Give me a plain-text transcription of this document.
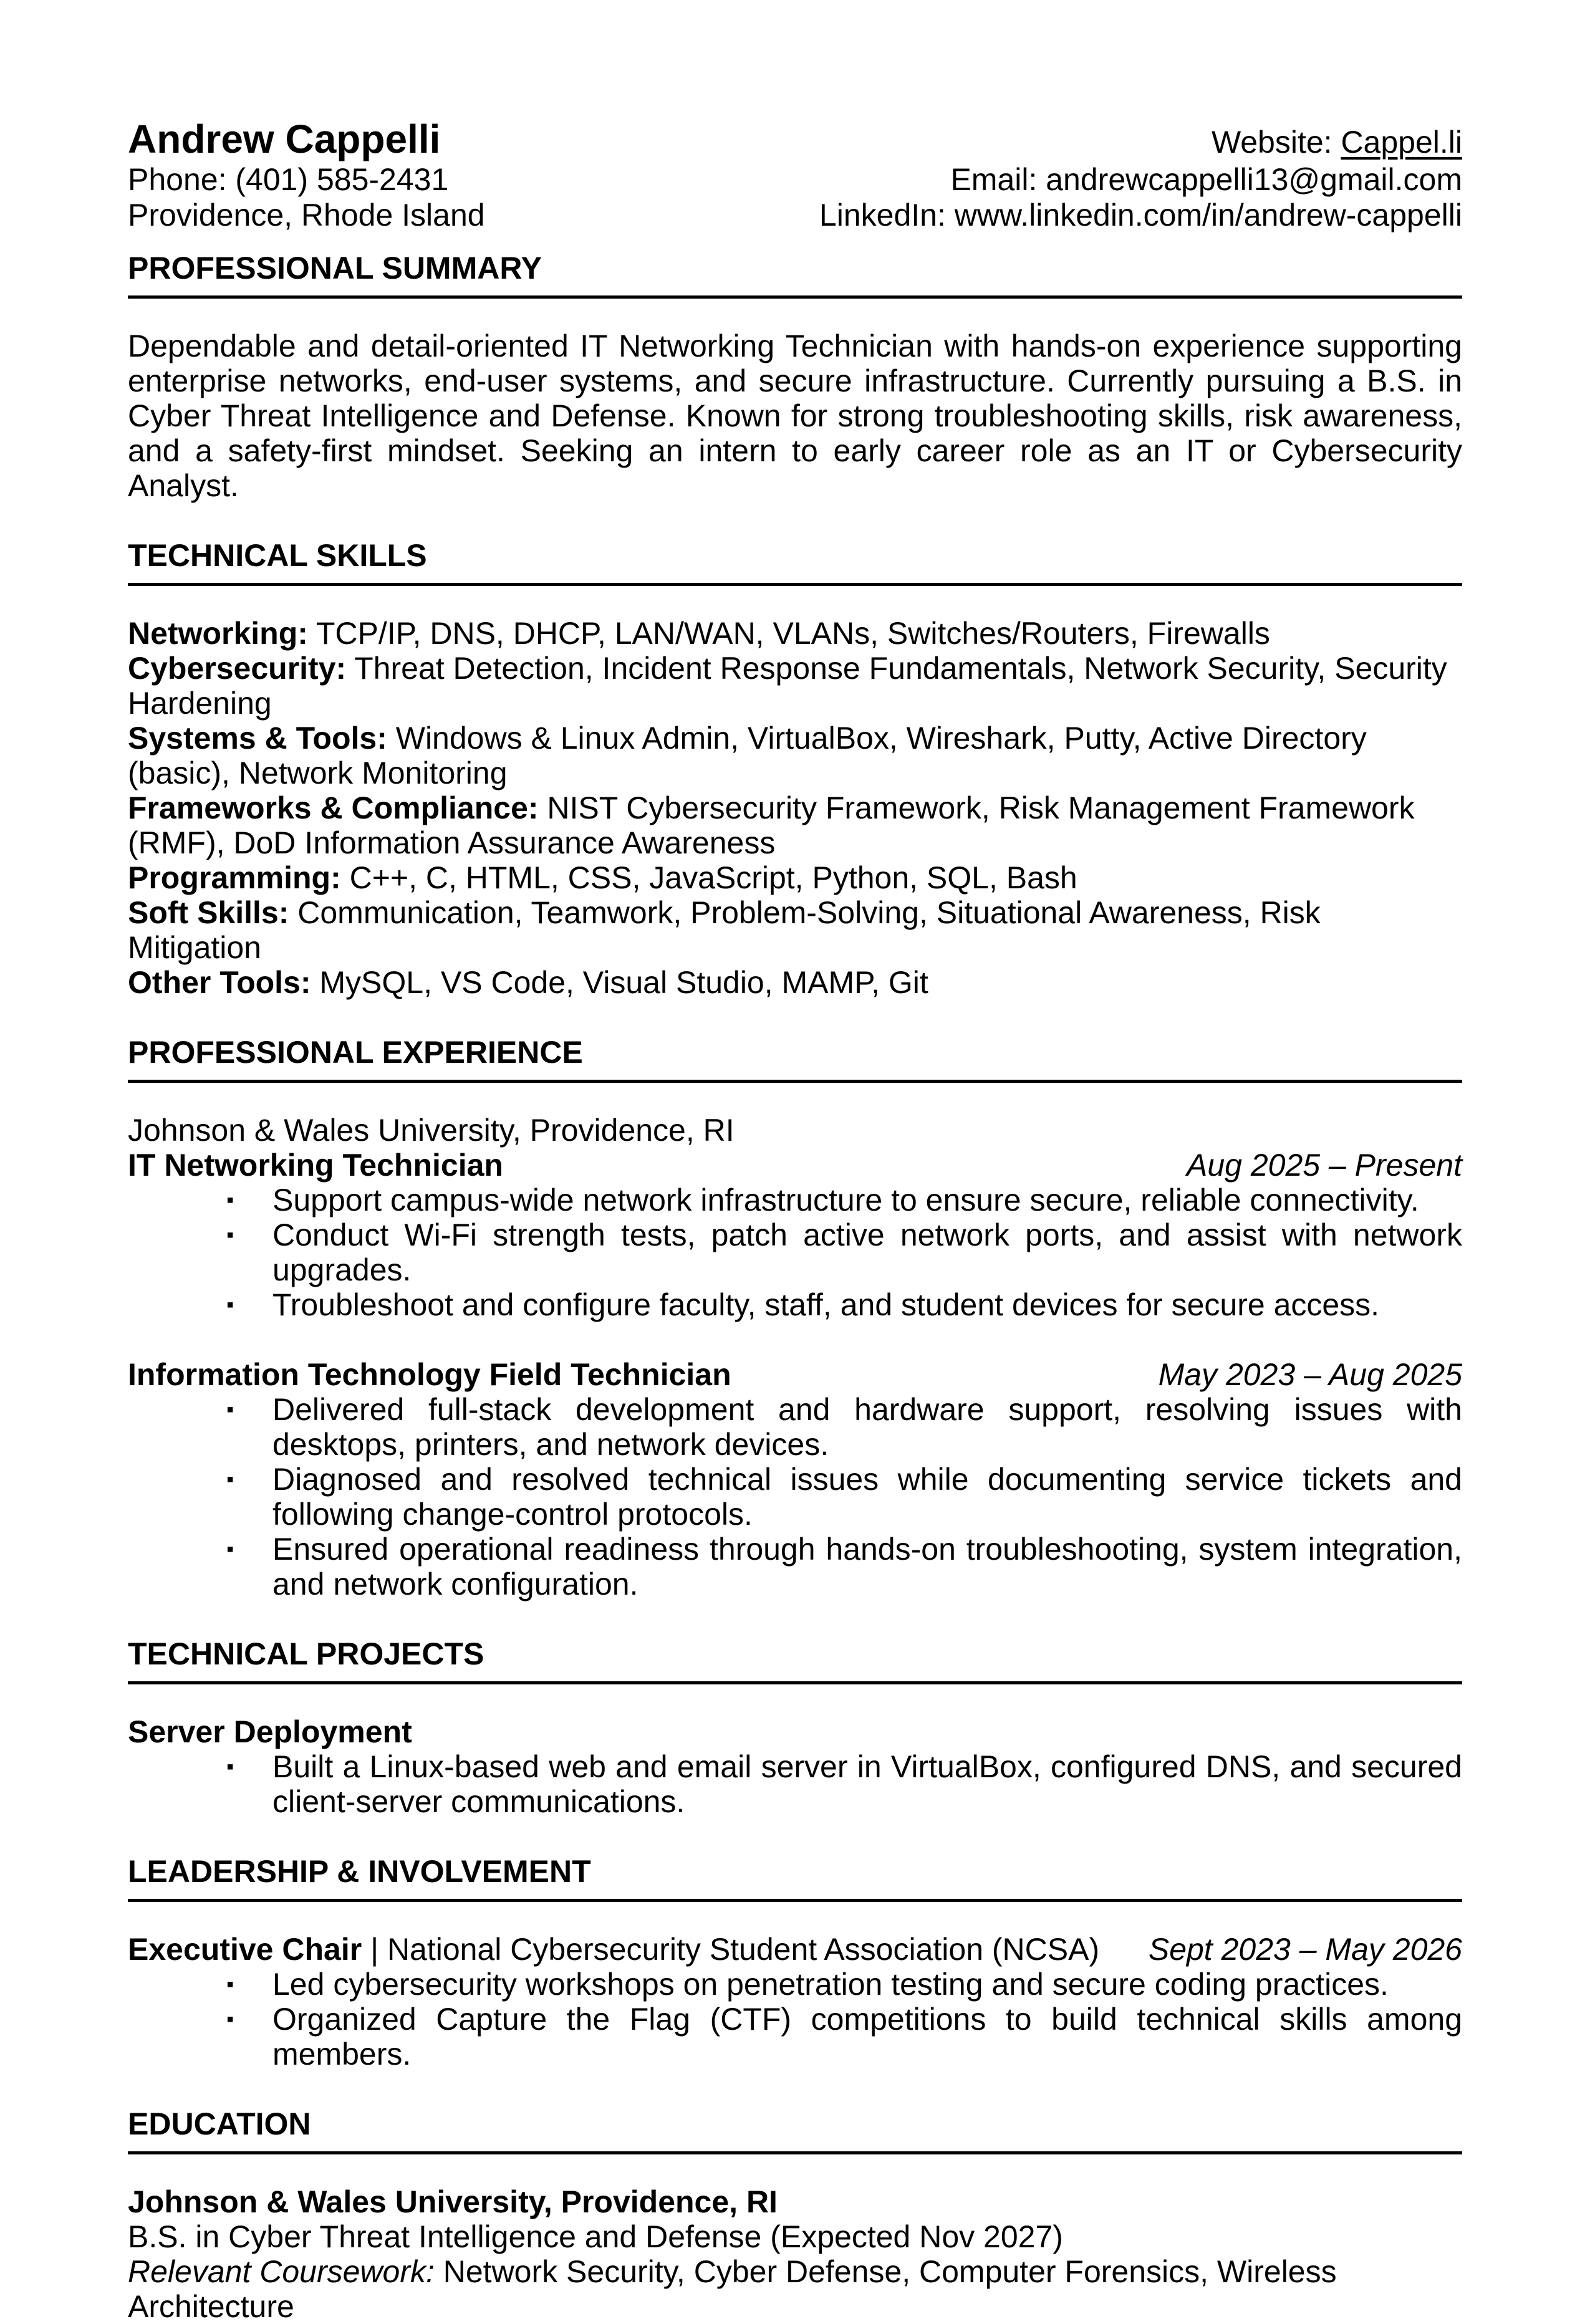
Andrew Cappelli	Website: Cappel.li
Phone: (401) 585-2431	Email: andrewcappelli13@gmail.com
Providence, Rhode Island	LinkedIn: www.linkedin.com/in/andrew-cappelli
PROFESSIONAL SUMMARY

Dependable and detail-oriented IT Networking Technician with hands-on experience supporting enterprise networks, end-user systems, and secure infrastructure. Currently pursuing a B.S. in Cyber Threat Intelligence and Defense. Known for strong troubleshooting skills, risk awareness, and a safety-first mindset. Seeking an intern to early career role as an IT or Cybersecurity Analyst.

TECHNICAL SKILLS

Networking: TCP/IP, DNS, DHCP, LAN/WAN, VLANs, Switches/Routers, Firewalls

Cybersecurity: Threat Detection, Incident Response Fundamentals, Network Security, Security Hardening

Systems & Tools: Windows & Linux Admin, VirtualBox, Wireshark, Putty, Active Directory (basic), Network Monitoring

Frameworks & Compliance: NIST Cybersecurity Framework, Risk Management Framework (RMF), DoD Information Assurance Awareness

Programming: C++, C, HTML, CSS, JavaScript, Python, SQL, Bash

Soft Skills: Communication, Teamwork, Problem-Solving, Situational Awareness, Risk Mitigation

Other Tools: MySQL, VS Code, Visual Studio, MAMP, Git

PROFESSIONAL EXPERIENCE

Johnson & Wales University, Providence, RI

IT Networking Technician	Aug 2025 – Present
▪ Support campus-wide network infrastructure to ensure secure, reliable connectivity.
▪ Conduct Wi-Fi strength tests, patch active network ports, and assist with network upgrades.
▪ Troubleshoot and configure faculty, staff, and student devices for secure access.
Information Technology Field Technician	May 2023 – Aug 2025
▪ Delivered full-stack development and hardware support, resolving issues with desktops, printers, and network devices.
▪ Diagnosed and resolved technical issues while documenting service tickets and following change-control protocols.
▪ Ensured operational readiness through hands-on troubleshooting, system integration, and network configuration.
TECHNICAL PROJECTS

Server Deployment

▪ Built a Linux-based web and email server in VirtualBox, configured DNS, and secured client-server communications.
LEADERSHIP & INVOLVEMENT
Executive Chair | National Cybersecurity Student Association (NCSA) Sept 2023 – May 2026
▪ Led cybersecurity workshops on penetration testing and secure coding practices.
▪ Organized Capture the Flag (CTF) competitions to build technical skills among members.
EDUCATION

Johnson & Wales University, Providence, RI

B.S. in Cyber Threat Intelligence and Defense (Expected Nov 2027)

Relevant Coursework: Network Security, Cyber Defense, Computer Forensics, Wireless Architecture
